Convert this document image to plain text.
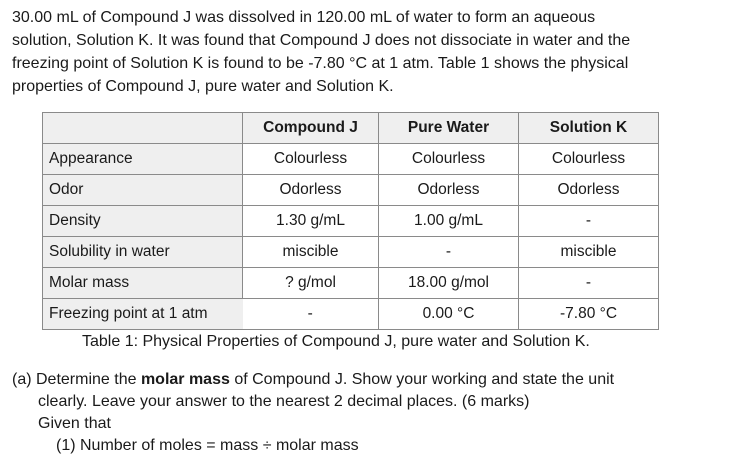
30.00 mL of Compound J was dissolved in 120.00 mL of water to form an aqueous
solution, Solution K. It was found that Compound J does not dissociate in water and the
freezing point of Solution K is found to be -7.80 °C at 1 atm. Table 1 shows the physical
properties of Compound J, pure water and Solution K.
	Compound J	Pure Water	Solution K
Appearance	Colourless	Colourless	Colourless
Odor	Odorless	Odorless	Odorless
Density	1.30 g/mL	1.00 g/mL	-
Solubility in water	miscible	-	miscible
Molar mass	? g/mol	18.00 g/mol	-
Freezing point at 1 atm	-	0.00 °C	-7.80 °C
Table 1: Physical Properties of Compound J, pure water and Solution K.
(a) Determine the molar mass of Compound J. Show your working and state the unit
clearly. Leave your answer to the nearest 2 decimal places. (6 marks)
Given that
(1) Number of moles = mass ÷ molar mass
